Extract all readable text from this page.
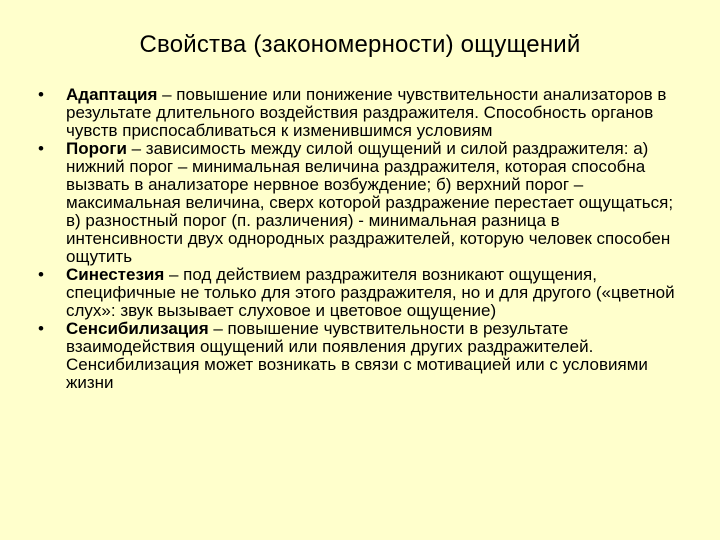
Свойства (закономерности) ощущений
•	Адаптация – повышение или понижение чувствительности анализаторов в результате длительного воздействия раздражителя. Способность органов чувств приспосабливаться к изменившимся условиям
•	Пороги – зависимость между силой ощущений и силой раздражителя: а) нижний порог – минимальная величина раздражителя, которая способна вызвать в анализаторе нервное возбуждение; б) верхний порог – максимальная величина, сверх которой раздражение перестает ощущаться; в) разностный порог (п. различения) - минимальная разница в интенсивности двух однородных раздражителей, которую человек способен ощутить
•	Синестезия – под действием раздражителя возникают ощущения, специфичные не только для этого раздражителя, но и для другого («цветной слух»: звук вызывает слуховое и цветовое ощущение)
•	Сенсибилизация – повышение чувствительности в результате взаимодействия ощущений или появления других раздражителей. Сенсибилизация может возникать в связи с мотивацией или с условиями жизни
